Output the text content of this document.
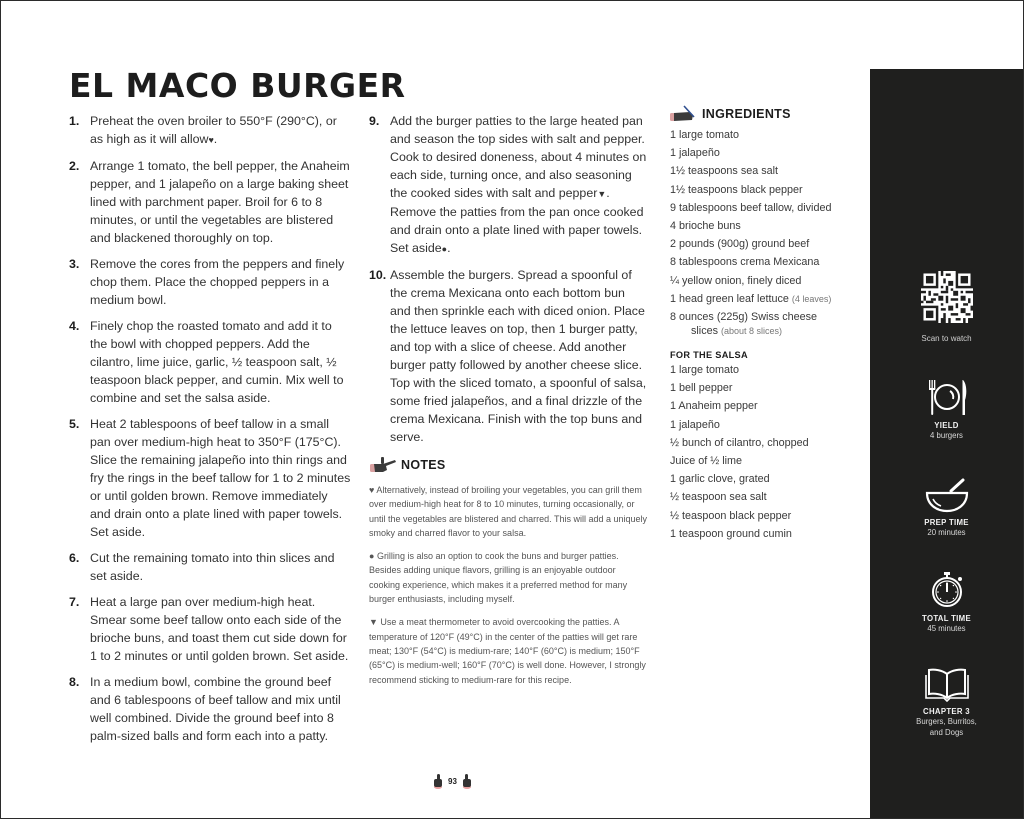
EL MACO BURGER
1. Preheat the oven broiler to 550°F (290°C), or as high as it will allow♥.
2. Arrange 1 tomato, the bell pepper, the Anaheim pepper, and 1 jalapeño on a large baking sheet lined with parchment paper. Broil for 6 to 8 minutes, or until the vegetables are blistered and blackened thoroughly on top.
3. Remove the cores from the peppers and finely chop them. Place the chopped peppers in a medium bowl.
4. Finely chop the roasted tomato and add it to the bowl with chopped peppers. Add the cilantro, lime juice, garlic, ½ teaspoon salt, ½ teaspoon black pepper, and cumin. Mix well to combine and set the salsa aside.
5. Heat 2 tablespoons of beef tallow in a small pan over medium-high heat to 350°F (175°C). Slice the remaining jalapeño into thin rings and fry the rings in the beef tallow for 1 to 2 minutes or until golden brown. Remove immediately and drain onto a plate lined with paper towels. Set aside.
6. Cut the remaining tomato into thin slices and set aside.
7. Heat a large pan over medium-high heat. Smear some beef tallow onto each side of the brioche buns, and toast them cut side down for 1 to 2 minutes or until golden brown. Set aside.
8. In a medium bowl, combine the ground beef and 6 tablespoons of beef tallow and mix until well combined. Divide the ground beef into 8 palm-sized balls and form each into a patty.
9. Add the burger patties to the large heated pan and season the top sides with salt and pepper. Cook to desired doneness, about 4 minutes on each side, turning once, and also seasoning the cooked sides with salt and pepper▼. Remove the patties from the pan once cooked and drain onto a plate lined with paper towels. Set aside●.
10. Assemble the burgers. Spread a spoonful of the crema Mexicana onto each bottom bun and then sprinkle each with diced onion. Place the lettuce leaves on top, then 1 burger patty, and top with a slice of cheese. Add another burger patty followed by another cheese slice. Top with the sliced tomato, a spoonful of salsa, some fried jalapeños, and a final drizzle of the crema Mexicana. Finish with the top buns and serve.
NOTES

♥ Alternatively, instead of broiling your vegetables, you can grill them over medium-high heat for 8 to 10 minutes, turning occasionally, or until the vegetables are blistered and charred. This will add a uniquely smoky and charred flavor to your salsa.

● Grilling is also an option to cook the buns and burger patties. Besides adding unique flavors, grilling is an enjoyable outdoor cooking experience, which makes it a preferred method for many burger enthusiasts, including myself.

▼ Use a meat thermometer to avoid overcooking the patties. A temperature of 120°F (49°C) in the center of the patties will get rare meat; 130°F (54°C) is medium-rare; 140°F (60°C) is medium; 150°F (65°C) is medium-well; 160°F (70°C) is well done. However, I strongly recommend sticking to medium-rare for this recipe.

INGREDIENTS
1 large tomato
1 jalapeño
1½ teaspoons sea salt
1½ teaspoons black pepper
9 tablespoons beef tallow, divided
4 brioche buns
2 pounds (900g) ground beef
8 tablespoons crema Mexicana
¼ yellow onion, finely diced
1 head green leaf lettuce (4 leaves)
8 ounces (225g) Swiss cheese
slices (about 8 slices)
FOR THE SALSA
1 large tomato
1 bell pepper
1 Anaheim pepper
1 jalapeño
½ bunch of cilantro, chopped
Juice of ½ lime
1 garlic clove, grated
½ teaspoon sea salt
½ teaspoon black pepper
1 teaspoon ground cumin
Scan to watch
YIELD
4 burgers
PREP TIME
20 minutes
TOTAL TIME
45 minutes
CHAPTER 3
Burgers, Burritos,
and Dogs
93
